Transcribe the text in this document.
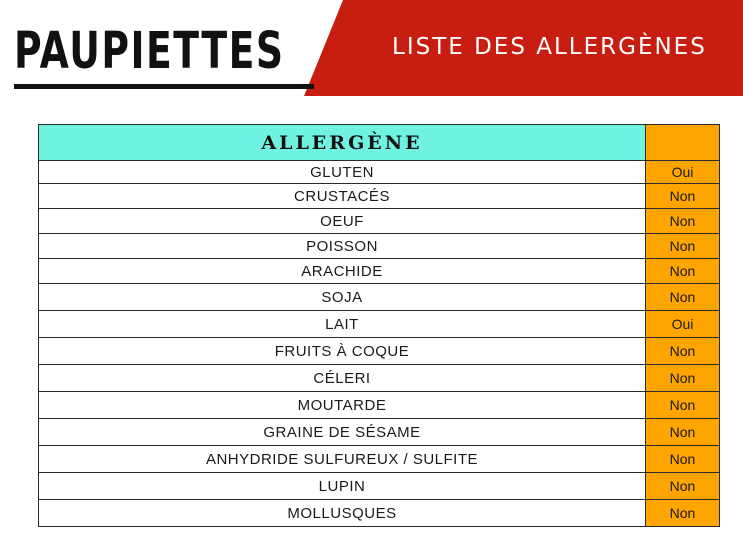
PAUPIETTES	LISTE DES ALLERGÈNES
ALLERGÈNE	
GLUTEN	Oui
CRUSTACÉS	Non
OEUF	Non
POISSON	Non
ARACHIDE	Non
SOJA	Non
LAIT	Oui
FRUITS À COQUE	Non
CÉLERI	Non
MOUTARDE	Non
GRAINE DE SÉSAME	Non
ANHYDRIDE SULFUREUX / SULFITE	Non
LUPIN	Non
MOLLUSQUES	Non
